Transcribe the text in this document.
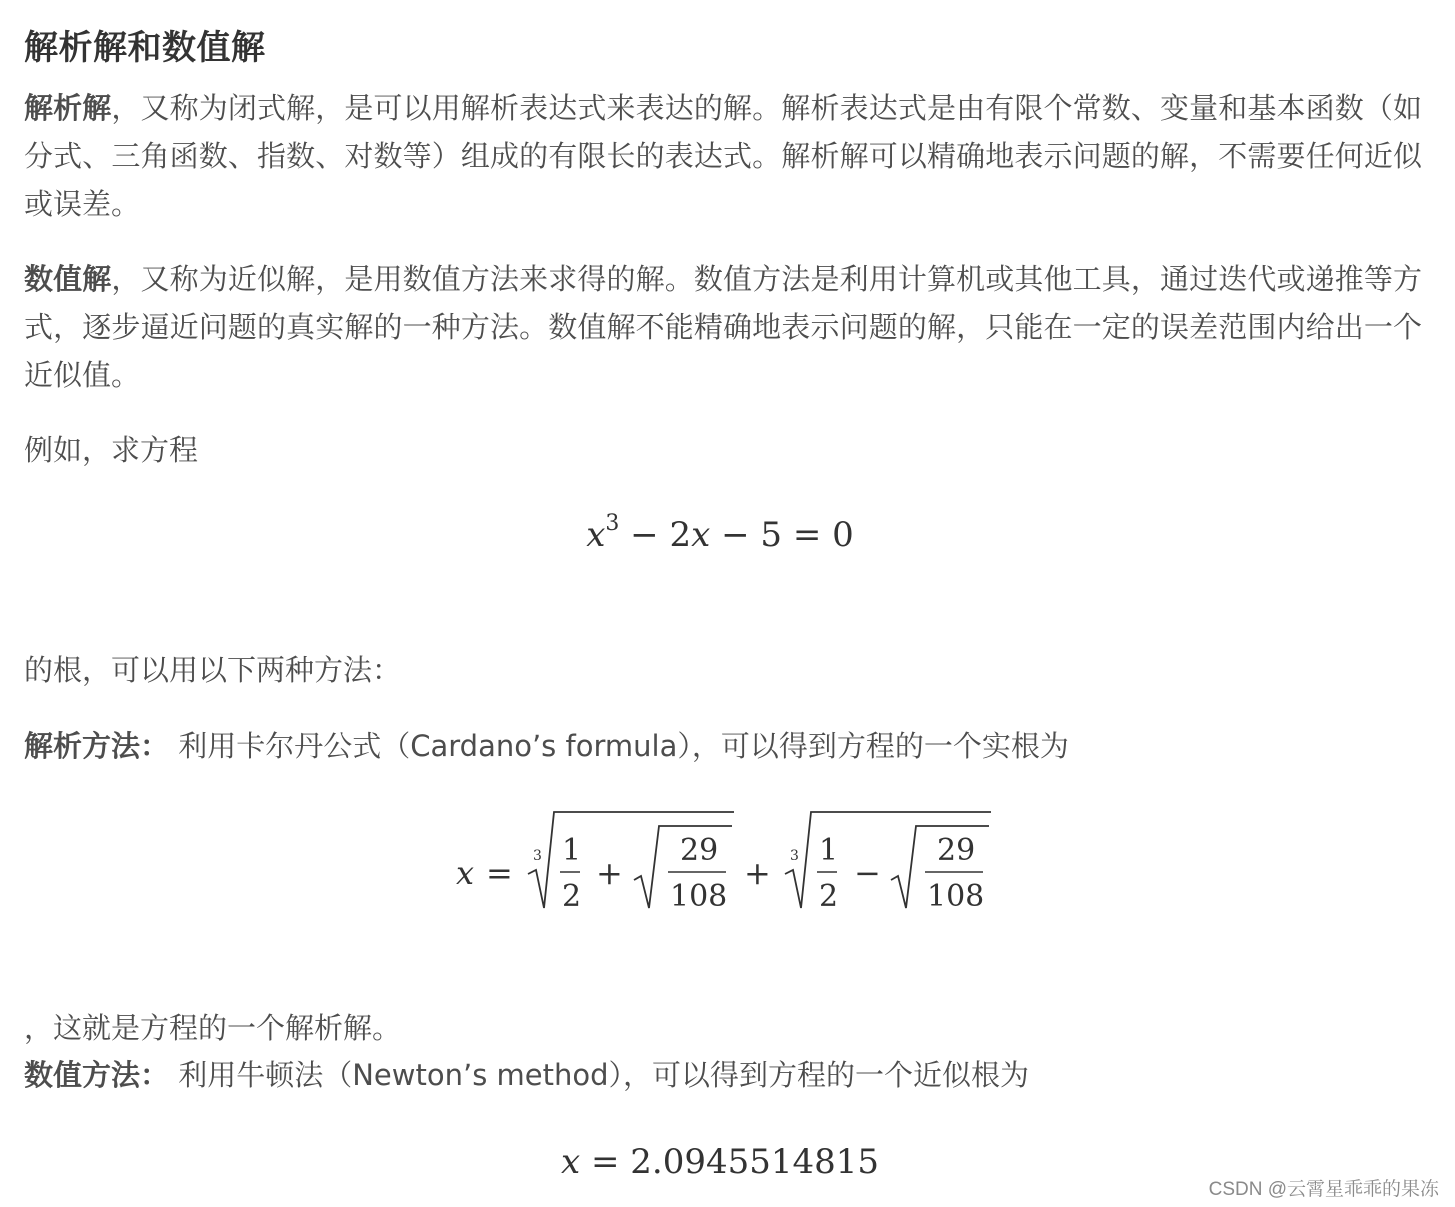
解析解和数值解

解析解，又称为闭式解，是可以用解析表达式来表达的解。解析表达式是由有限个常数、变量和基本函数（如分式、三角函数、指数、对数等）组成的有限长的表达式。解析解可以精确地表示问题的解，不需要任何近似或误差。

数值解，又称为近似解，是用数值方法来求得的解。数值方法是利用计算机或其他工具，通过迭代或递推等方式，逐步逼近问题的真实解的一种方法。数值解不能精确地表示问题的解，只能在一定的误差范围内给出一个近似值。

例如，求方程
的根，可以用以下两种方法：
解析方法： 利用卡尔丹公式（Cardano’s formula），可以得到方程的一个实根为
，这就是方程的一个解析解。
数值方法： 利用牛顿法（Newton’s method），可以得到方程的一个近似根为
$x^3 - 2x - 5 = 0$
x = 3 1
2
+
29
108
+ 3 1
2
−
29
108
x = 2.0945514815
CSDN @云霄星乖乖的果冻
